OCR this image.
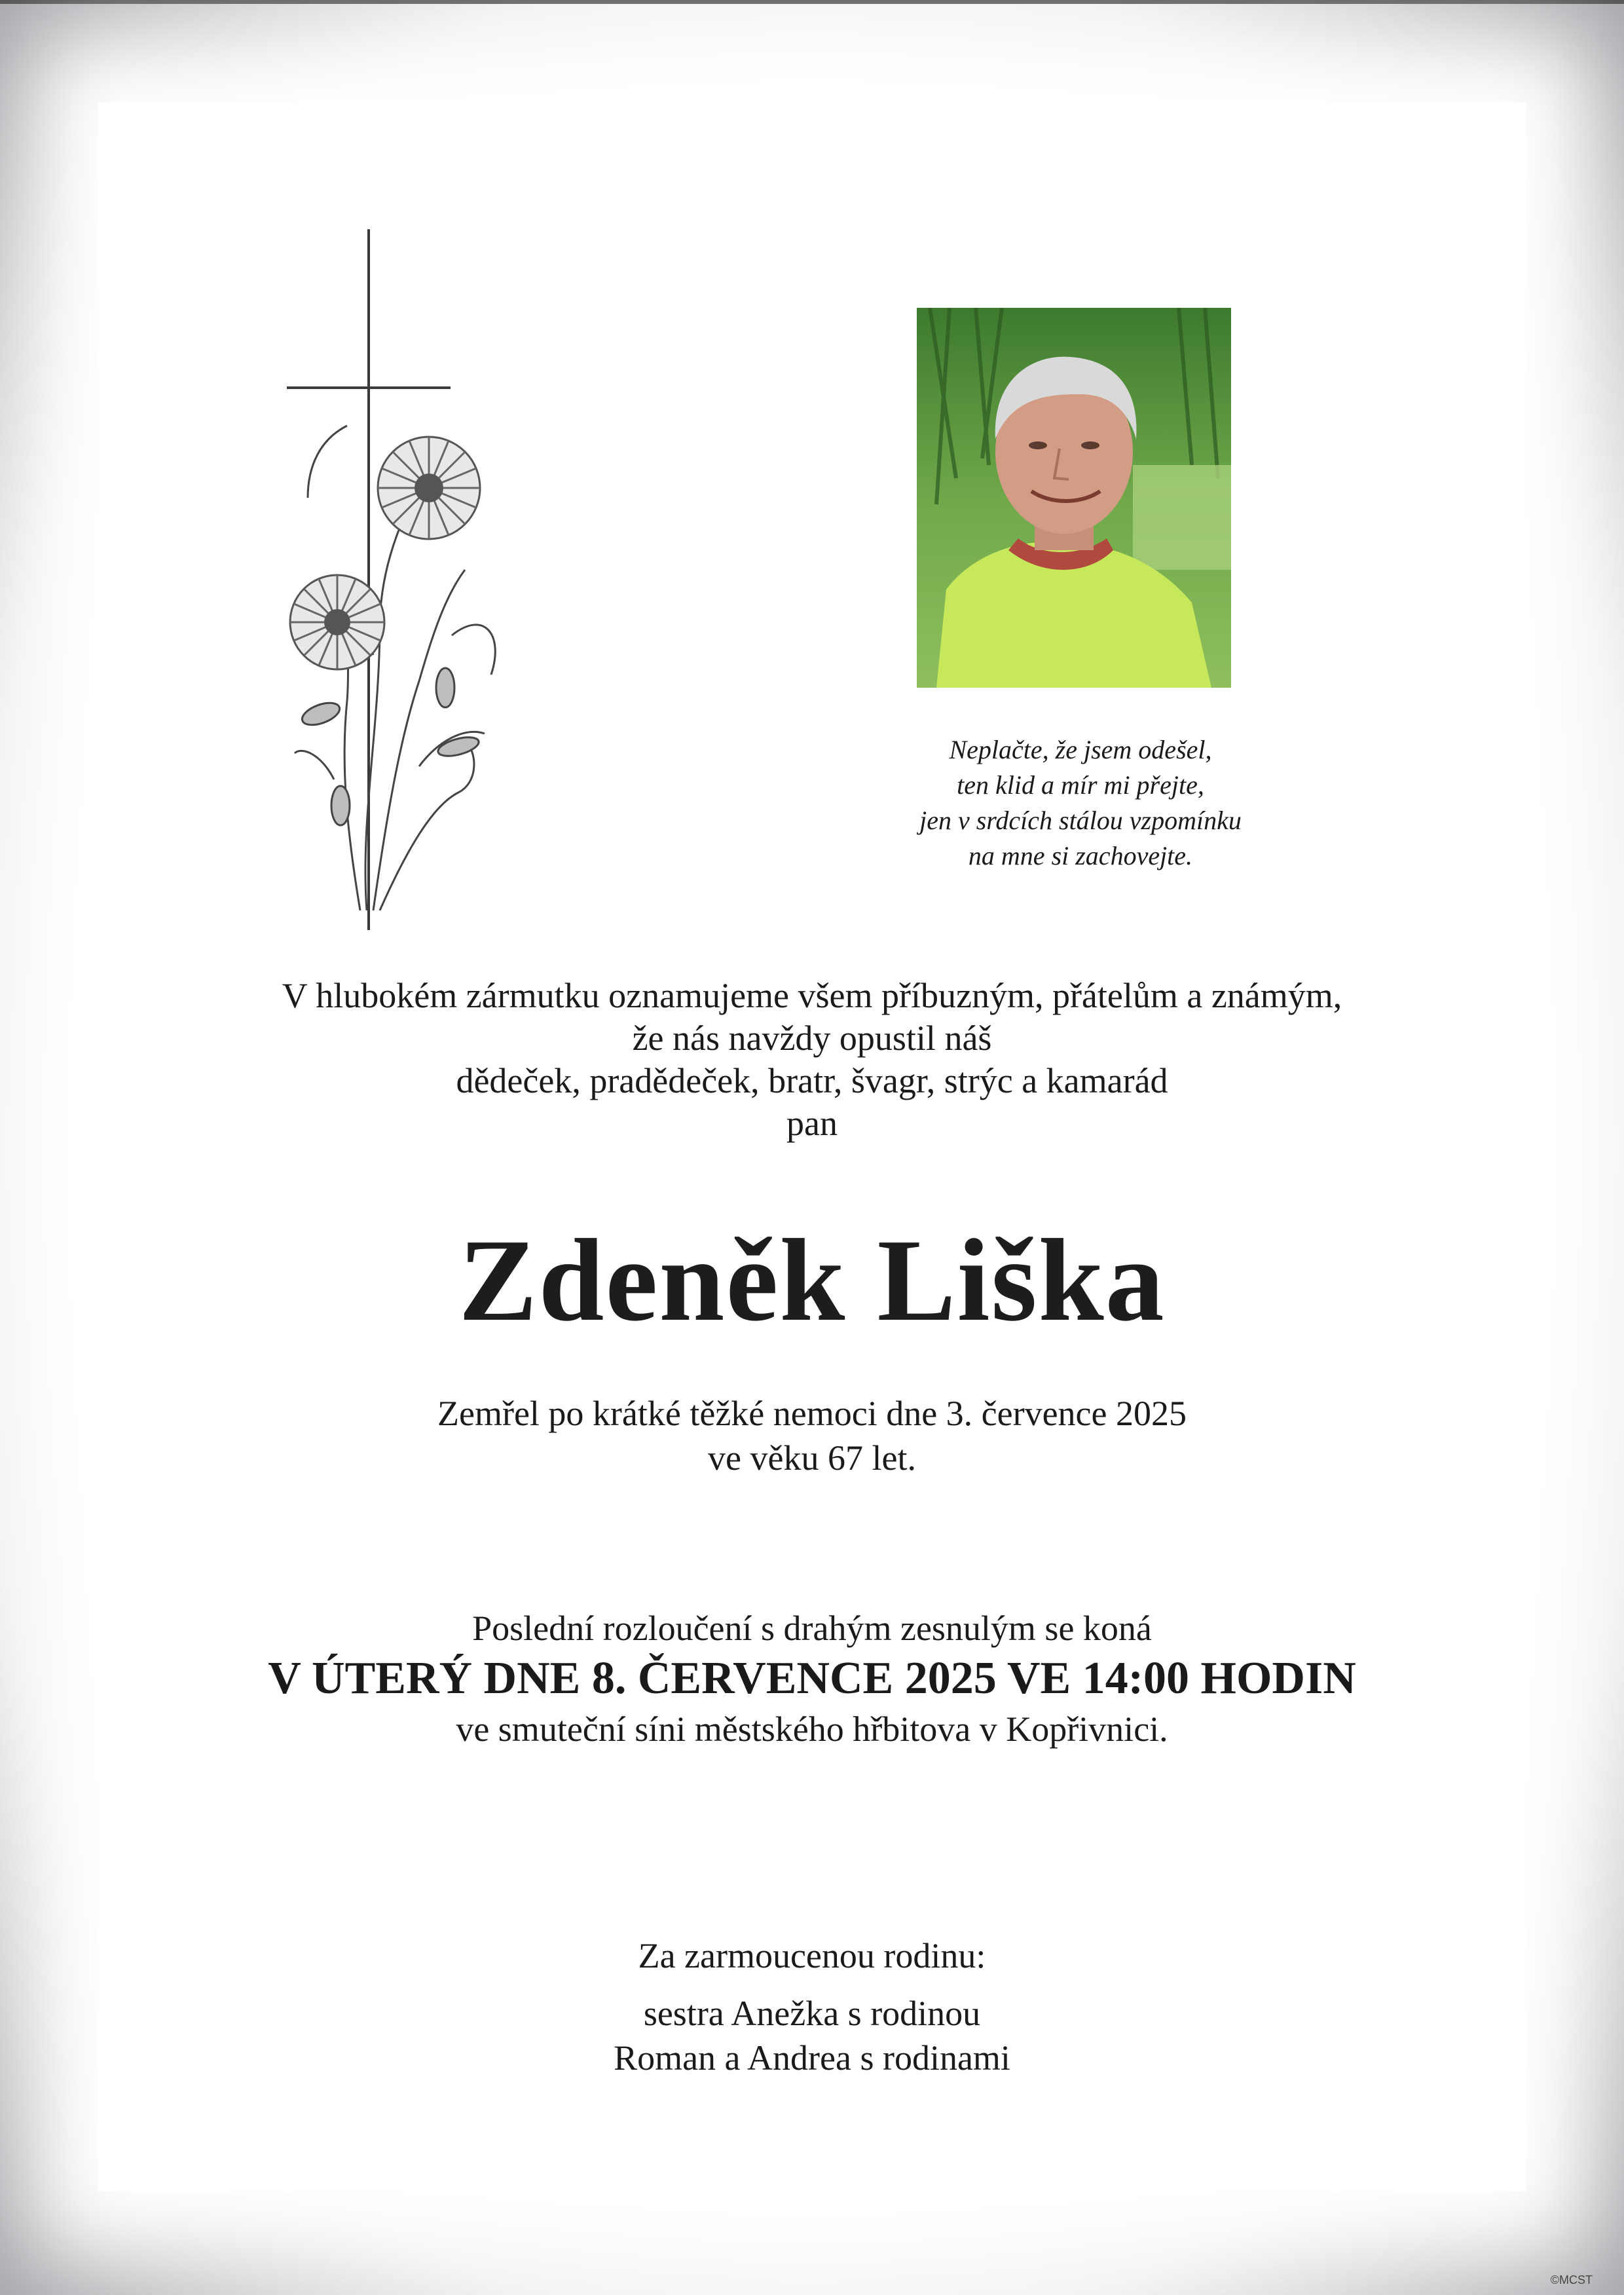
Neplačte, že jsem odešel,
ten klid a mír mi přejte,
jen v srdcích stálou vzpomínku
na mne si zachovejte.
V hlubokém zármutku oznamujeme všem příbuzným, přátelům a známým,
že nás navždy opustil náš
dědeček, pradědeček, bratr, švagr, strýc a kamarád
pan
Zdeněk Liška
Zemřel po krátké těžké nemoci dne 3. července 2025
ve věku 67 let.
Poslední rozloučení s drahým zesnulým se koná
V ÚTERÝ DNE 8. ČERVENCE 2025 VE 14:00 HODIN
ve smuteční síni městského hřbitova v Kopřivnici.
Za zarmoucenou rodinu:
sestra Anežka s rodinou
Roman a Andrea s rodinami
©MCST
